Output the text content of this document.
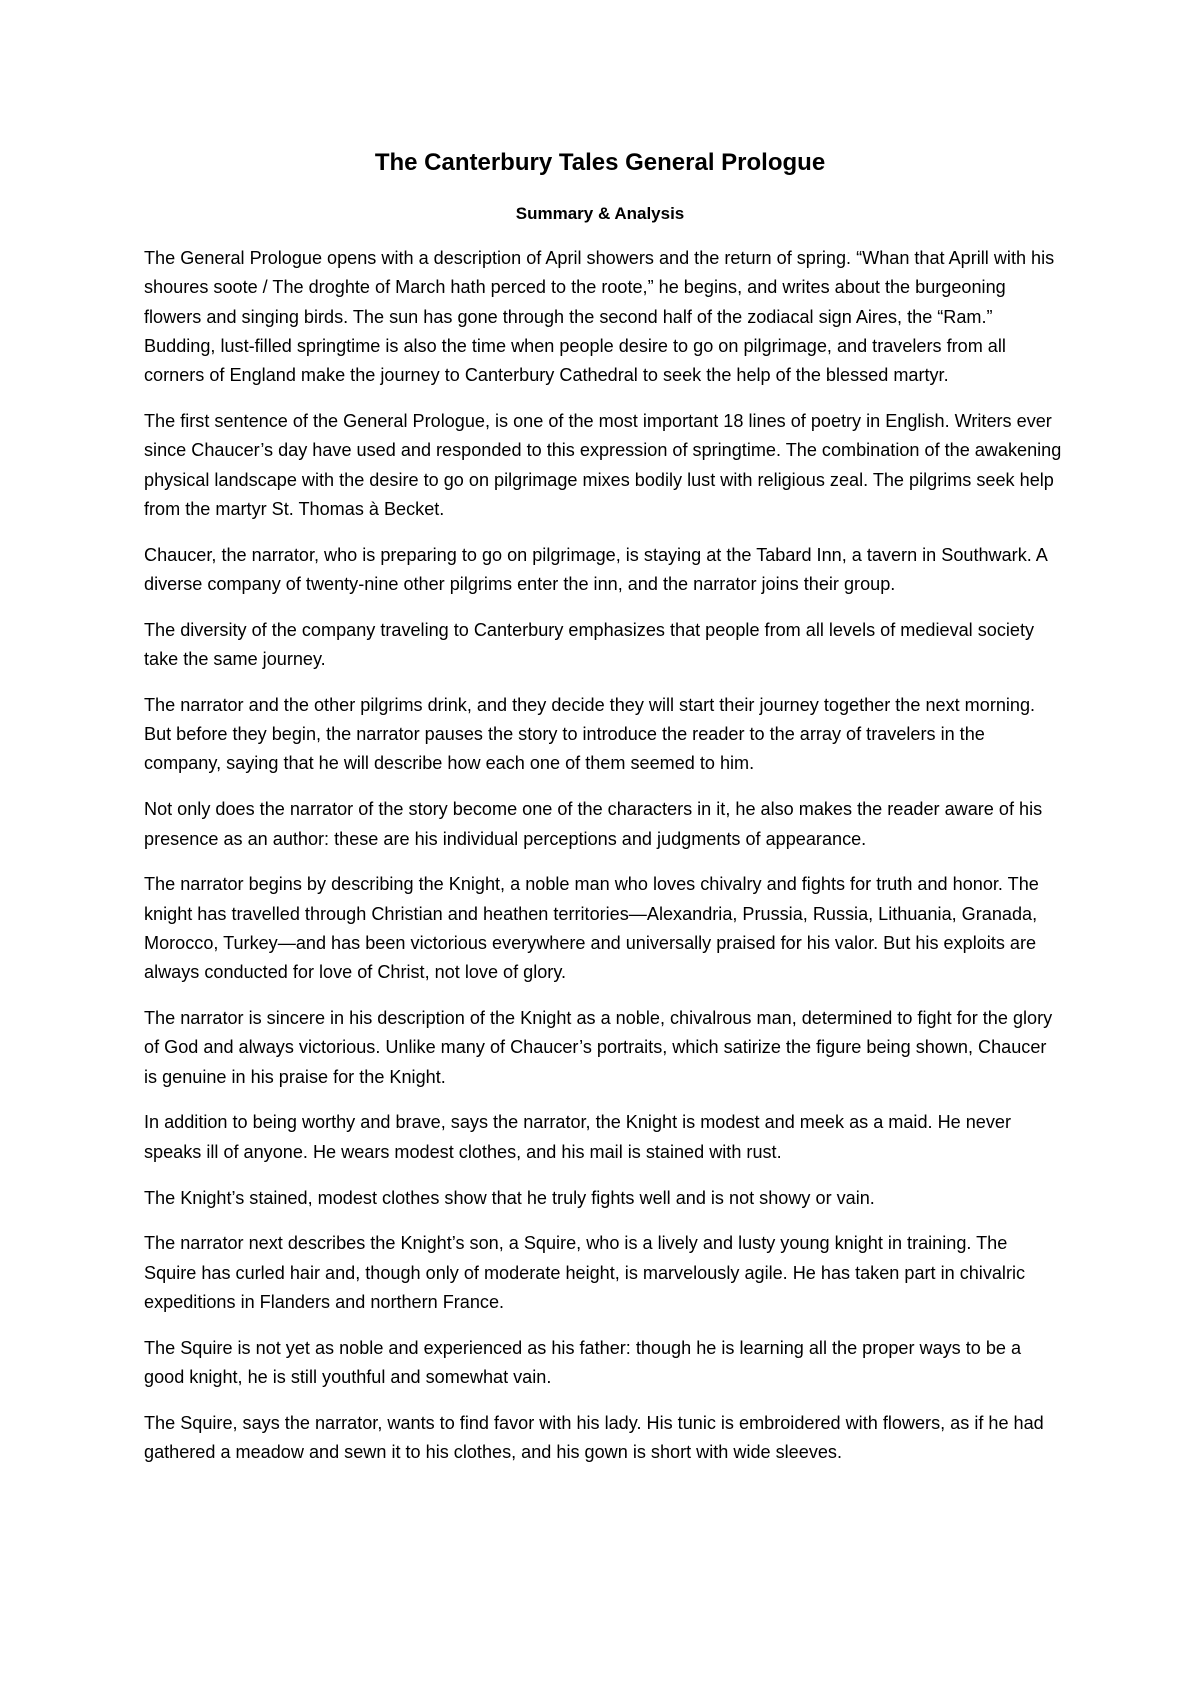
The Canterbury Tales General Prologue
Summary & Analysis

The General Prologue opens with a description of April showers and the return of spring. “Whan that Aprill with his shoures soote / The droghte of March hath perced to the roote,” he begins, and writes about the burgeoning flowers and singing birds. The sun has gone through the second half of the zodiacal sign Aires, the “Ram.” Budding, lust-filled springtime is also the time when people desire to go on pilgrimage, and travelers from all corners of England make the journey to Canterbury Cathedral to seek the help of the blessed martyr.

The first sentence of the General Prologue, is one of the most important 18 lines of poetry in English. Writers ever since Chaucer’s day have used and responded to this expression of springtime. The combination of the awakening physical landscape with the desire to go on pilgrimage mixes bodily lust with religious zeal. The pilgrims seek help from the martyr St. Thomas à Becket.

Chaucer, the narrator, who is preparing to go on pilgrimage, is staying at the Tabard Inn, a tavern in Southwark. A diverse company of twenty-nine other pilgrims enter the inn, and the narrator joins their group.

The diversity of the company traveling to Canterbury emphasizes that people from all levels of medieval society take the same journey.

The narrator and the other pilgrims drink, and they decide they will start their journey together the next morning. But before they begin, the narrator pauses the story to introduce the reader to the array of travelers in the company, saying that he will describe how each one of them seemed to him.

Not only does the narrator of the story become one of the characters in it, he also makes the reader aware of his presence as an author: these are his individual perceptions and judgments of appearance.

The narrator begins by describing the Knight, a noble man who loves chivalry and fights for truth and honor. The knight has travelled through Christian and heathen territories—Alexandria, Prussia, Russia, Lithuania, Granada, Morocco, Turkey—and has been victorious everywhere and universally praised for his valor. But his exploits are always conducted for love of Christ, not love of glory.

The narrator is sincere in his description of the Knight as a noble, chivalrous man, determined to fight for the glory of God and always victorious. Unlike many of Chaucer’s portraits, which satirize the figure being shown, Chaucer is genuine in his praise for the Knight.

In addition to being worthy and brave, says the narrator, the Knight is modest and meek as a maid. He never speaks ill of anyone. He wears modest clothes, and his mail is stained with rust.

The Knight’s stained, modest clothes show that he truly fights well and is not showy or vain.

The narrator next describes the Knight’s son, a Squire, who is a lively and lusty young knight in training. The Squire has curled hair and, though only of moderate height, is marvelously agile. He has taken part in chivalric expeditions in Flanders and northern France.

The Squire is not yet as noble and experienced as his father: though he is learning all the proper ways to be a good knight, he is still youthful and somewhat vain.

The Squire, says the narrator, wants to find favor with his lady. His tunic is embroidered with flowers, as if he had gathered a meadow and sewn it to his clothes, and his gown is short with wide sleeves.
